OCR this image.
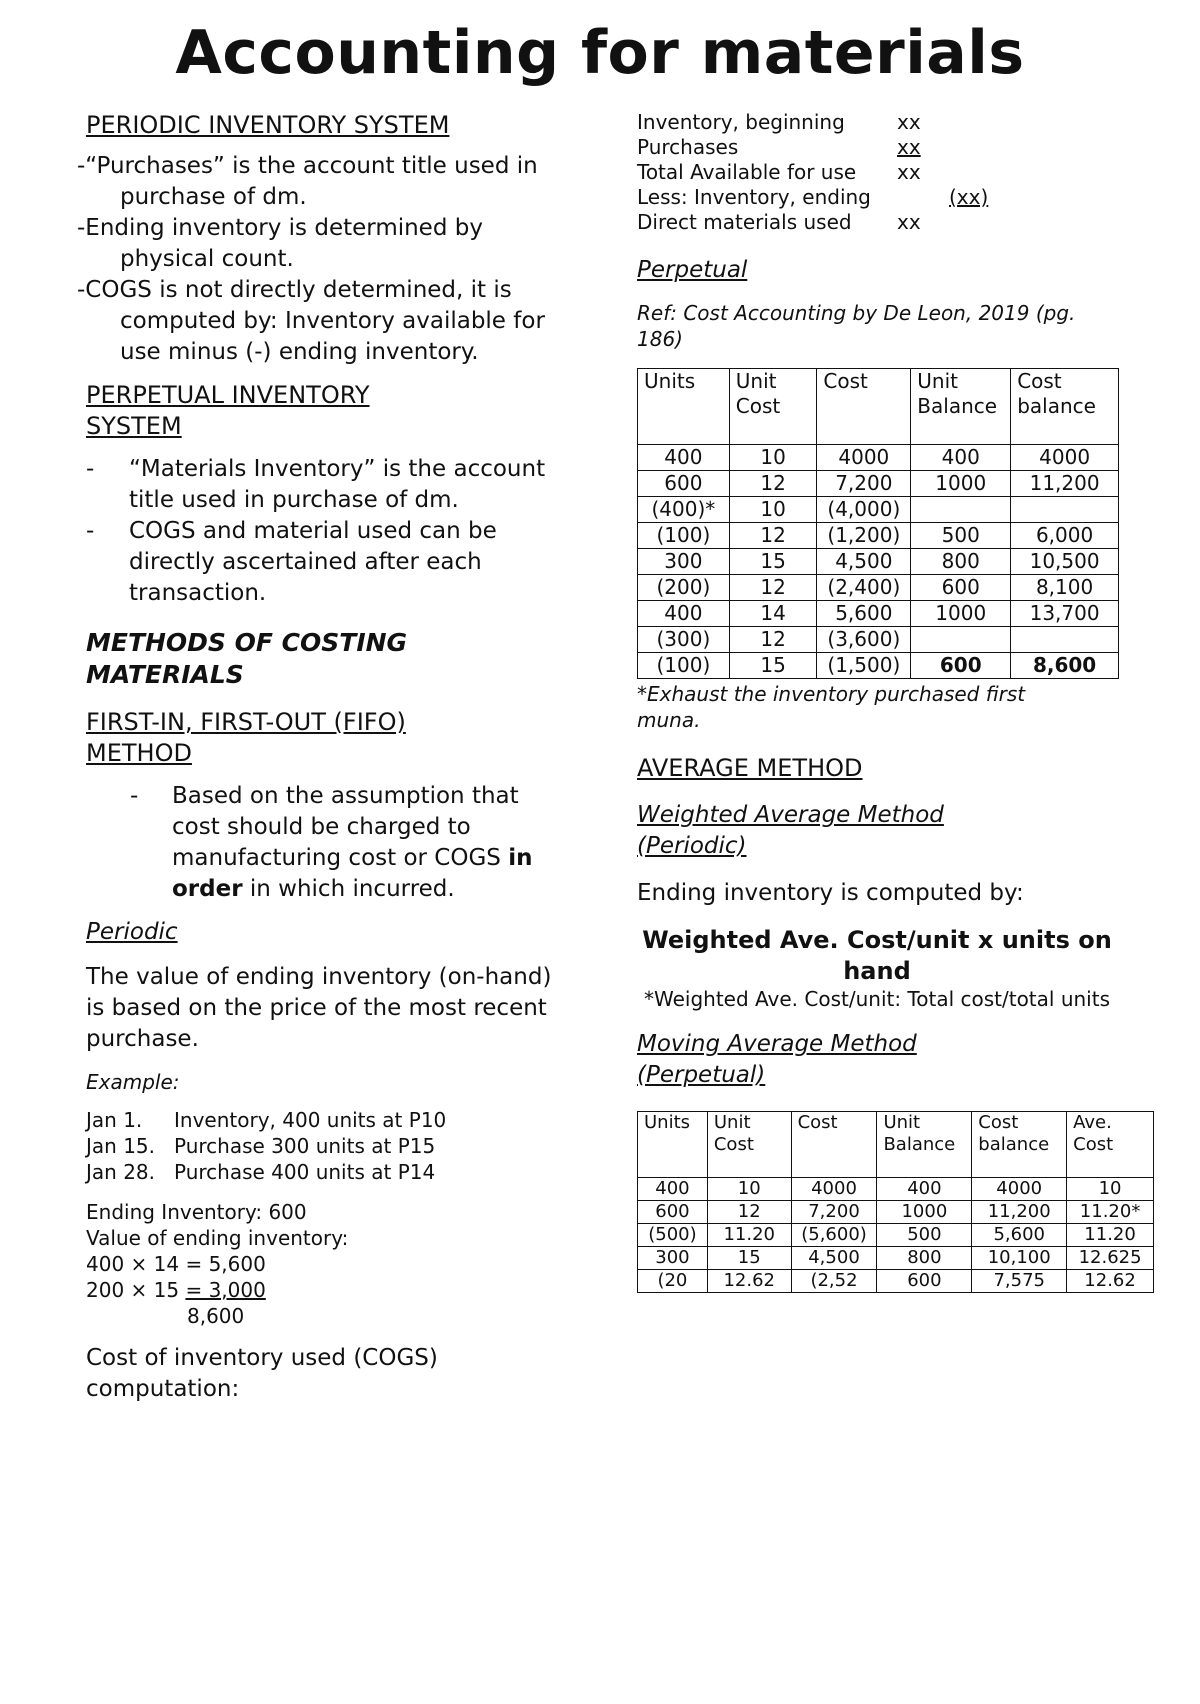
Accounting for materials
PERIODIC INVENTORY SYSTEM
-“Purchases” is the account title used in purchase of dm.
-Ending inventory is determined by physical count.
-COGS is not directly determined, it is computed by: Inventory available for use minus (-) ending inventory.
PERPETUAL INVENTORY SYSTEM
- “Materials Inventory” is the account title used in purchase of dm.
- COGS and material used can be directly ascertained after each transaction.
METHODS OF COSTING MATERIALS
FIRST-IN, FIRST-OUT (FIFO) METHOD
- Based on the assumption that cost should be charged to manufacturing cost or COGS in order in which incurred.
Periodic
The value of ending inventory (on-hand) is based on the price of the most recent purchase.
Example:
Jan 1.	Inventory, 400 units at P10
Jan 15. Purchase 300 units at P15
Jan 28. Purchase 400 units at P14
Ending Inventory: 600
Value of ending inventory:
400 × 14 = 5,600
200 × 15 = 3,000
8,600
Cost of inventory used (COGS) computation:
Inventory, beginning	xx
Purchases	xx
Total Available for use	xx
Less: Inventory, ending	(xx)
Direct materials used	xx
Perpetual
Ref: Cost Accounting by De Leon, 2019 (pg. 186)
Units	Unit Cost	Cost	Unit Balance	Cost balance
400	10	4000	400	4000
600	12	7,200	1000	11,200
(400)*	10	(4,000)		
(100)	12	(1,200)	500	6,000
300	15	4,500	800	10,500
(200)	12	(2,400)	600	8,100
400	14	5,600	1000	13,700
(300)	12	(3,600)		
(100)	15	(1,500)	600	8,600
*Exhaust the inventory purchased first muna.
AVERAGE METHOD
Weighted Average Method (Periodic)
Ending inventory is computed by:
Weighted Ave. Cost/unit x units on hand
*Weighted Ave. Cost/unit: Total cost/total units
Moving Average Method (Perpetual)
Units	Unit Cost	Cost	Unit Balance	Cost balance	Ave. Cost
400	10	4000	400	4000	10
600	12	7,200	1000	11,200	11.20*
(500)	11.20	(5,600)	500	5,600	11.20
300	15	4,500	800	10,100	12.625
(20	12.62	(2,52	600	7,575	12.62
